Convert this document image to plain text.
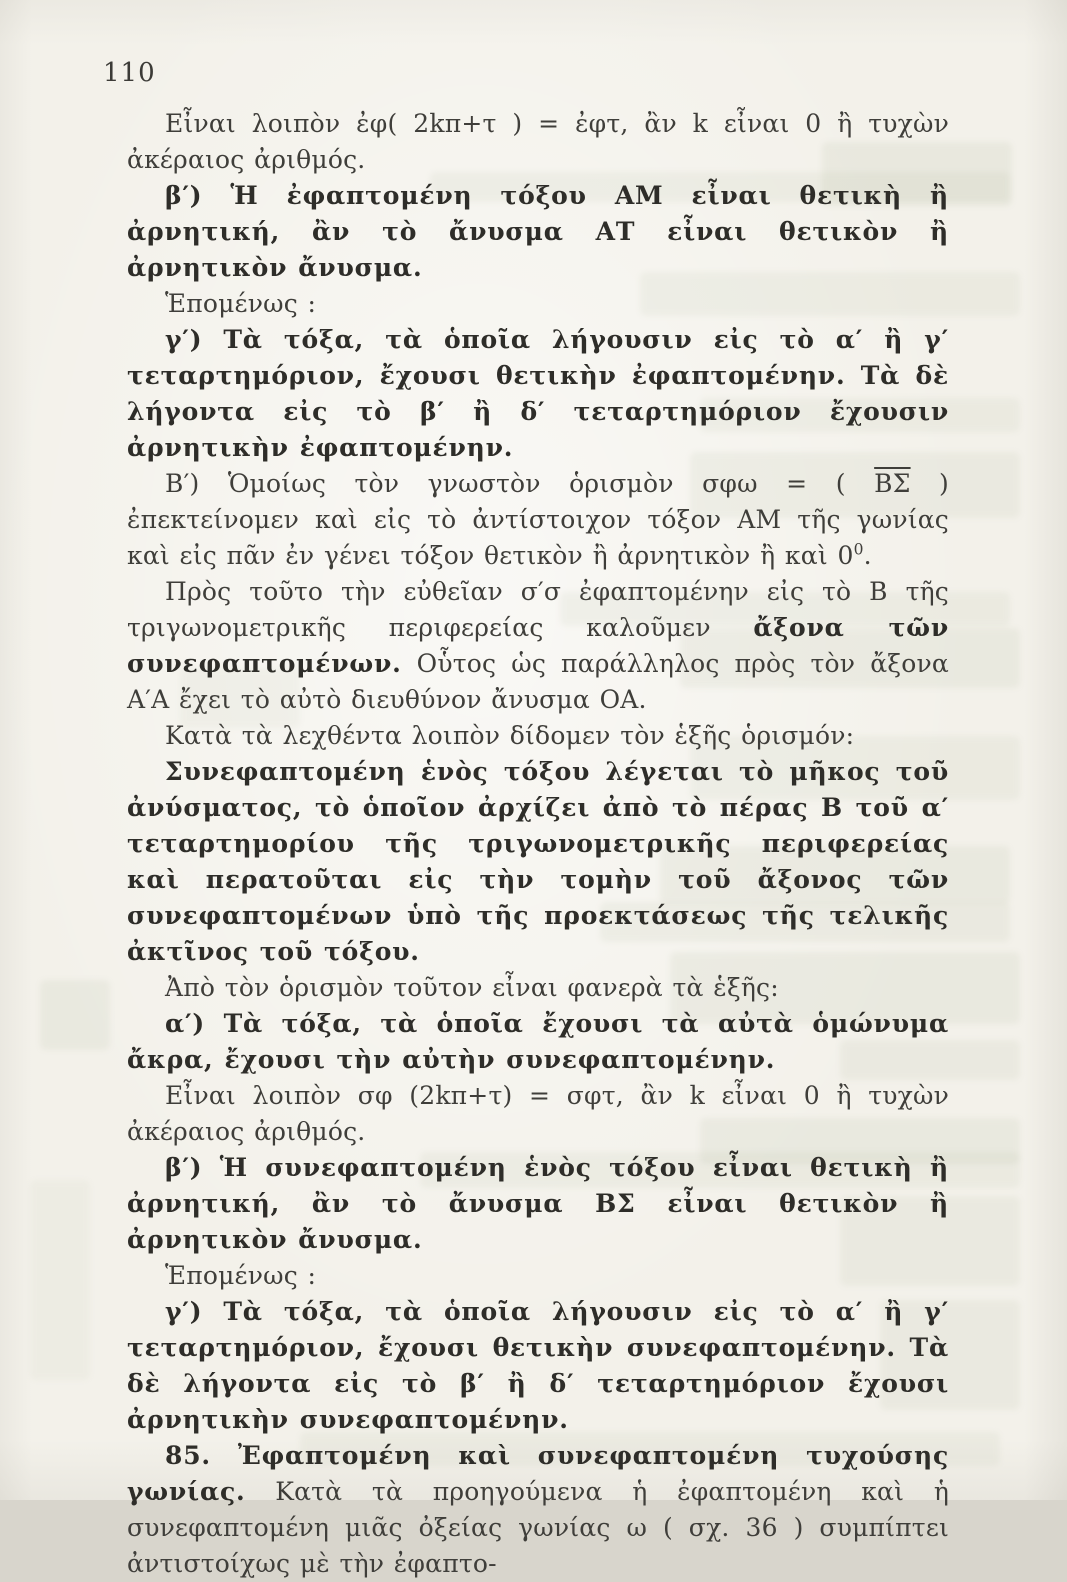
110

Εἶναι λοιπὸν ἐφ( 2kπ+τ ) = ἐφτ, ἂν k εἶναι 0 ἢ τυχὼν ἀκέραιος ἀριθμός.

β′) Ἡ ἐφαπτομένη τόξου ΑΜ εἶναι θετικὴ ἢ ἀρνητική, ἂν τὸ ἄνυσμα ΑΤ εἶναι θετικὸν ἢ ἀρνητικὸν ἄνυσμα.

Ἑπομένως :

γ′) Τὰ τόξα, τὰ ὁποῖα λήγουσιν εἰς τὸ α′ ἢ γ′ τεταρτημόριον, ἔχουσι θετικὴν ἐφαπτομένην. Τὰ δὲ λήγοντα εἰς τὸ β′ ἢ δ′ τεταρτημόριον ἔχουσιν ἀρνητικὴν ἐφαπτομένην.

Β′) Ὁμοίως τὸν γνωστὸν ὁρισμὸν σφω = ( $\overline{B\Sigma}$ ) ἐπεκτείνομεν καὶ εἰς τὸ ἀντίστοιχον τόξον ΑΜ τῆς γωνίας καὶ εἰς πᾶν ἐν γένει τόξον θετικὸν ἢ ἀρνητικὸν ἢ καὶ $0^0$.

Πρὸς τοῦτο τὴν εὐθεῖαν σ′σ ἐφαπτομένην εἰς τὸ Β τῆς τριγωνομετρικῆς περιφερείας καλοῦμεν ἄξονα τῶν συνεφαπτομένων. Οὗτος ὡς παράλληλος πρὸς τὸν ἄξονα Α′Α ἔχει τὸ αὐτὸ διευθύνον ἄνυσμα ΟΑ.

Κατὰ τὰ λεχθέντα λοιπὸν δίδομεν τὸν ἑξῆς ὁρισμόν:

Συνεφαπτομένη ἑνὸς τόξου λέγεται τὸ μῆκος τοῦ ἀνύσματος, τὸ ὁποῖον ἀρχίζει ἀπὸ τὸ πέρας Β τοῦ α′ τεταρτημορίου τῆς τριγωνομετρικῆς περιφερείας καὶ περατοῦται εἰς τὴν τομὴν τοῦ ἄξονος τῶν συνεφαπτομένων ὑπὸ τῆς προεκτάσεως τῆς τελικῆς ἀκτῖνος τοῦ τόξου.

Ἀπὸ τὸν ὁρισμὸν τοῦτον εἶναι φανερὰ τὰ ἑξῆς:

α′) Τὰ τόξα, τὰ ὁποῖα ἔχουσι τὰ αὐτὰ ὁμώνυμα ἄκρα, ἔχουσι τὴν αὐτὴν συνεφαπτομένην.

Εἶναι λοιπὸν σφ (2kπ+τ) = σφτ, ἂν k εἶναι 0 ἢ τυχὼν ἀκέραιος ἀριθμός.

β′) Ἡ συνεφαπτομένη ἑνὸς τόξου εἶναι θετικὴ ἢ ἀρνητική, ἂν τὸ ἄνυσμα ΒΣ εἶναι θετικὸν ἢ ἀρνητικὸν ἄνυσμα.

Ἑπομένως :

γ′) Τὰ τόξα, τὰ ὁποῖα λήγουσιν εἰς τὸ α′ ἢ γ′ τεταρτημόριον, ἔχουσι θετικὴν συνεφαπτομένην. Τὰ δὲ λήγοντα εἰς τὸ β′ ἢ δ′ τεταρτημόριον ἔχουσι ἀρνητικὴν συνεφαπτομένην.

85. Ἐφαπτομένη καὶ συνεφαπτομένη τυχούσης γωνίας. Κατὰ τὰ προηγούμενα ἡ ἐφαπτομένη καὶ ἡ συνεφαπτομένη μιᾶς ὀξείας γωνίας ω ( σχ. 36 ) συμπίπτει ἀντιστοίχως μὲ τὴν ἐφαπτο-
